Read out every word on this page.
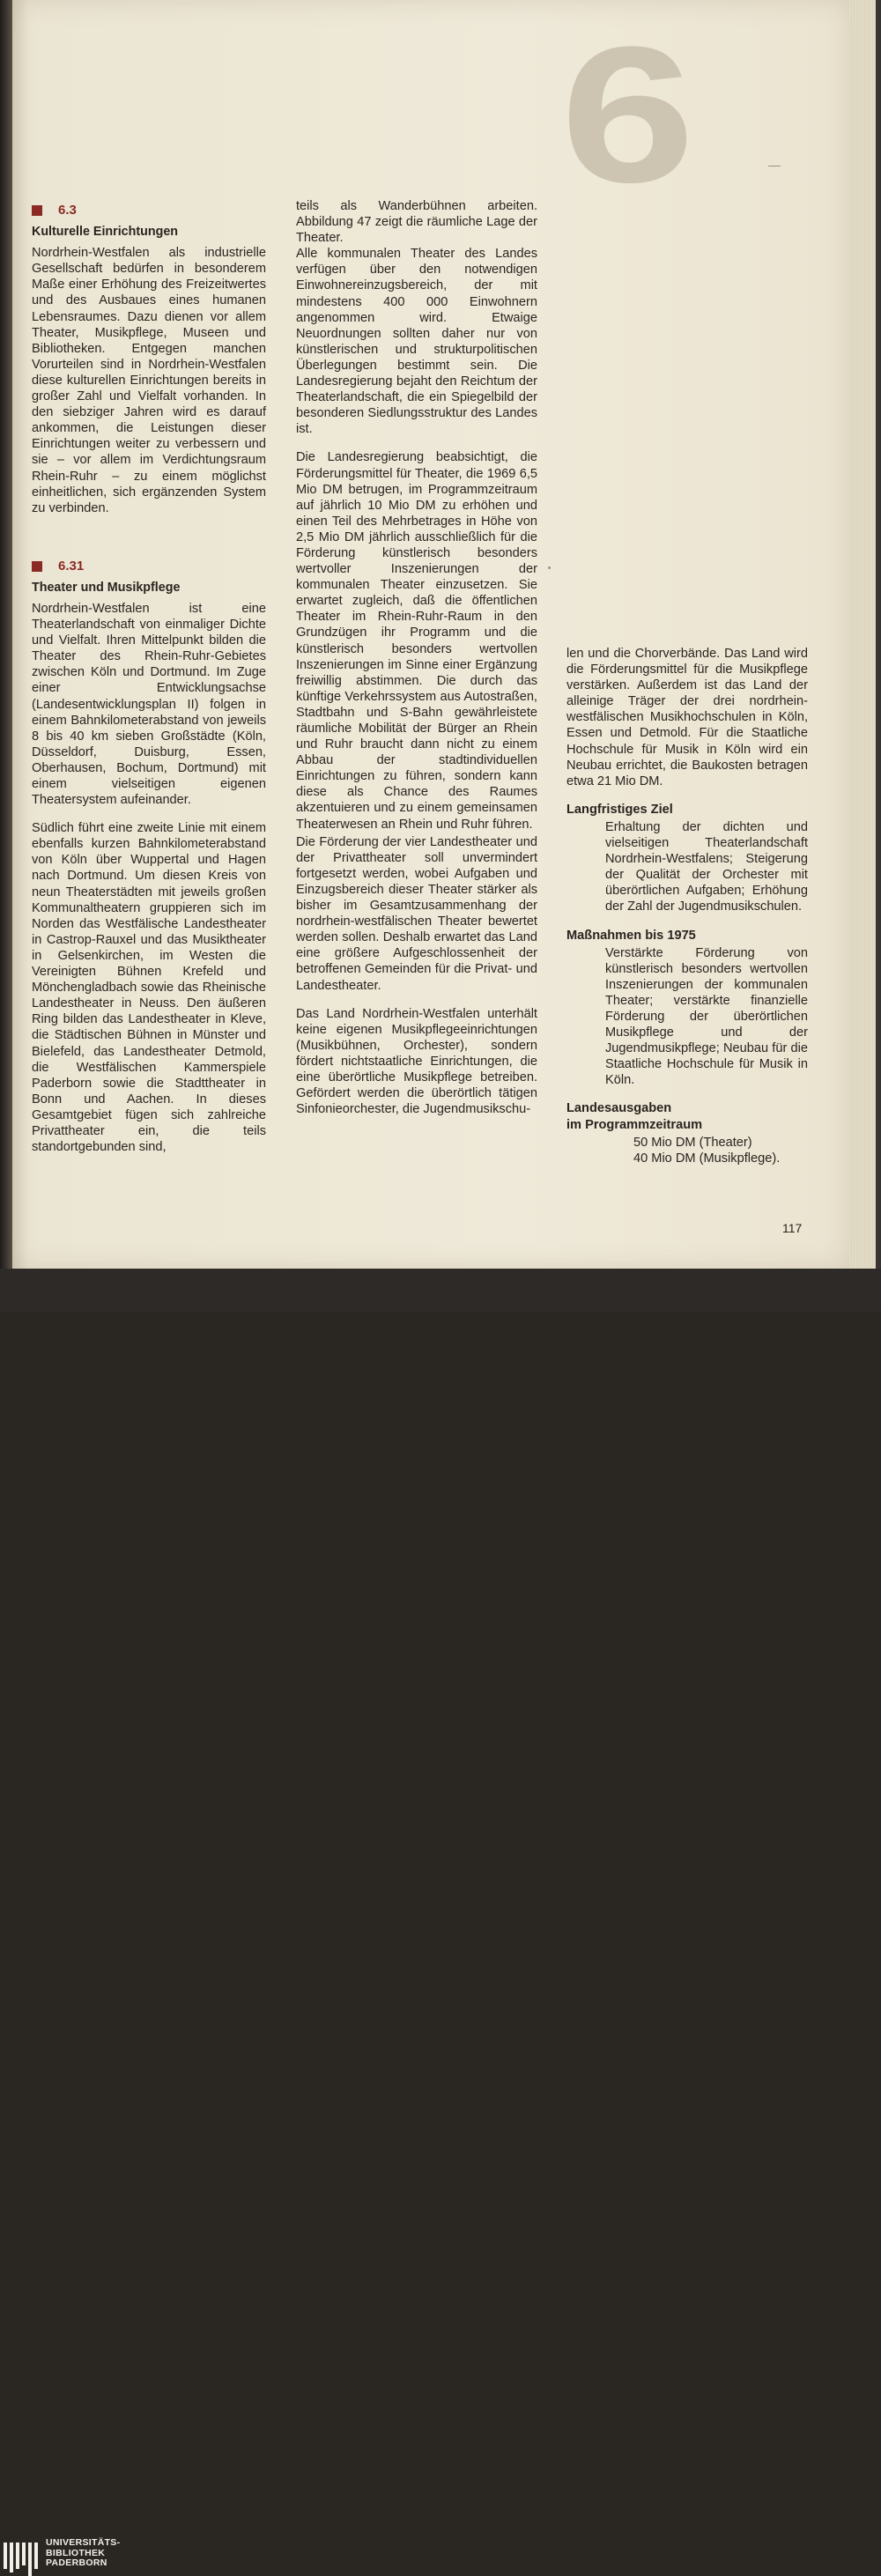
6
6.3
Kulturelle Einrichtungen

Nordrhein-Westfalen als industrielle Gesellschaft bedürfen in besonderem Maße einer Erhöhung des Freizeitwertes und des Ausbaues eines humanen Lebensraumes. Dazu dienen vor allem Theater, Musikpflege, Museen und Bibliotheken. Entgegen manchen Vorurteilen sind in Nordrhein-Westfalen diese kulturellen Einrichtungen bereits in großer Zahl und Vielfalt vorhanden. In den siebziger Jahren wird es darauf ankommen, die Leistungen dieser Einrichtungen weiter zu verbessern und sie – vor allem im Verdichtungsraum Rhein-Ruhr – zu einem möglichst einheitlichen, sich ergänzenden System zu verbinden.

6.31
Theater und Musikpflege

Nordrhein-Westfalen ist eine Theaterlandschaft von einmaliger Dichte und Vielfalt. Ihren Mittelpunkt bilden die Theater des Rhein-Ruhr-Gebietes zwischen Köln und Dortmund. Im Zuge einer Entwicklungsachse (Landesentwicklungsplan II) folgen in einem Bahnkilometerabstand von jeweils 8 bis 40 km sieben Großstädte (Köln, Düsseldorf, Duisburg, Essen, Oberhausen, Bochum, Dortmund) mit einem vielseitigen eigenen Theatersystem aufeinander.

Südlich führt eine zweite Linie mit einem ebenfalls kurzen Bahnkilometerabstand von Köln über Wuppertal und Hagen nach Dortmund. Um diesen Kreis von neun Theaterstädten mit jeweils großen Kommunaltheatern gruppieren sich im Norden das Westfälische Landestheater in Castrop-Rauxel und das Musiktheater in Gelsenkirchen, im Westen die Vereinigten Bühnen Krefeld und Mönchengladbach sowie das Rheinische Landestheater in Neuss. Den äußeren Ring bilden das Landestheater in Kleve, die Städtischen Bühnen in Münster und Bielefeld, das Landestheater Detmold, die Westfälischen Kammerspiele Paderborn sowie die Stadttheater in Bonn und Aachen. In dieses Gesamtgebiet fügen sich zahlreiche Privattheater ein, die teils standortgebunden sind,

teils als Wanderbühnen arbeiten. Abbildung 47 zeigt die räumliche Lage der Theater.

Alle kommunalen Theater des Landes verfügen über den notwendigen Einwohnereinzugsbereich, der mit mindestens 400 000 Einwohnern angenommen wird. Etwaige Neuordnungen sollten daher nur von künstlerischen und strukturpolitischen Überlegungen bestimmt sein. Die Landesregierung bejaht den Reichtum der Theaterlandschaft, die ein Spiegelbild der besonderen Siedlungsstruktur des Landes ist.

Die Landesregierung beabsichtigt, die Förderungsmittel für Theater, die 1969 6,5 Mio DM betrugen, im Programmzeitraum auf jährlich 10 Mio DM zu erhöhen und einen Teil des Mehrbetrages in Höhe von 2,5 Mio DM jährlich ausschließlich für die Förderung künstlerisch besonders wertvoller Inszenierungen der kommunalen Theater einzusetzen. Sie erwartet zugleich, daß die öffentlichen Theater im Rhein-Ruhr-Raum in den Grundzügen ihr Programm und die künstlerisch besonders wertvollen Inszenierungen im Sinne einer Ergänzung freiwillig abstimmen. Die durch das künftige Verkehrssystem aus Autostraßen, Stadtbahn und S-Bahn gewährleistete räumliche Mobilität der Bürger an Rhein und Ruhr braucht dann nicht zu einem Abbau der stadtindividuellen Einrichtungen zu führen, sondern kann diese als Chance des Raumes akzentuieren und zu einem gemeinsamen Theaterwesen an Rhein und Ruhr führen.

Die Förderung der vier Landestheater und der Privattheater soll unvermindert fortgesetzt werden, wobei Aufgaben und Einzugsbereich dieser Theater stärker als bisher im Gesamtzusammenhang der nordrhein-westfälischen Theater bewertet werden sollen. Deshalb erwartet das Land eine größere Aufgeschlossenheit der betroffenen Gemeinden für die Privat- und Landestheater.

Das Land Nordrhein-Westfalen unterhält keine eigenen Musikpflegeeinrichtungen (Musikbühnen, Orchester), sondern fördert nichtstaatliche Einrichtungen, die eine überörtliche Musikpflege betreiben. Gefördert werden die überörtlich tätigen Sinfonieorchester, die Jugendmusikschu-

len und die Chorverbände. Das Land wird die Förderungsmittel für die Musikpflege verstärken. Außerdem ist das Land der alleinige Träger der drei nordrhein-westfälischen Musikhochschulen in Köln, Essen und Detmold. Für die Staatliche Hochschule für Musik in Köln wird ein Neubau errichtet, die Baukosten betragen etwa 21 Mio DM.

Langfristiges Ziel

Erhaltung der dichten und vielseitigen Theaterlandschaft Nordrhein-Westfalens; Steigerung der Qualität der Orchester mit überörtlichen Aufgaben; Erhöhung der Zahl der Jugendmusikschulen.

Maßnahmen bis 1975

Verstärkte Förderung von künstlerisch besonders wertvollen Inszenierungen der kommunalen Theater; verstärkte finanzielle Förderung der überörtlichen Musikpflege und der Jugendmusikpflege; Neubau für die Staatliche Hochschule für Musik in Köln.

Landesausgaben
im Programmzeitraum
50 Mio DM (Theater)
40 Mio DM (Musikpflege).
117
UNIVERSITÄTS-
BIBLIOTHEK
PADERBORN
